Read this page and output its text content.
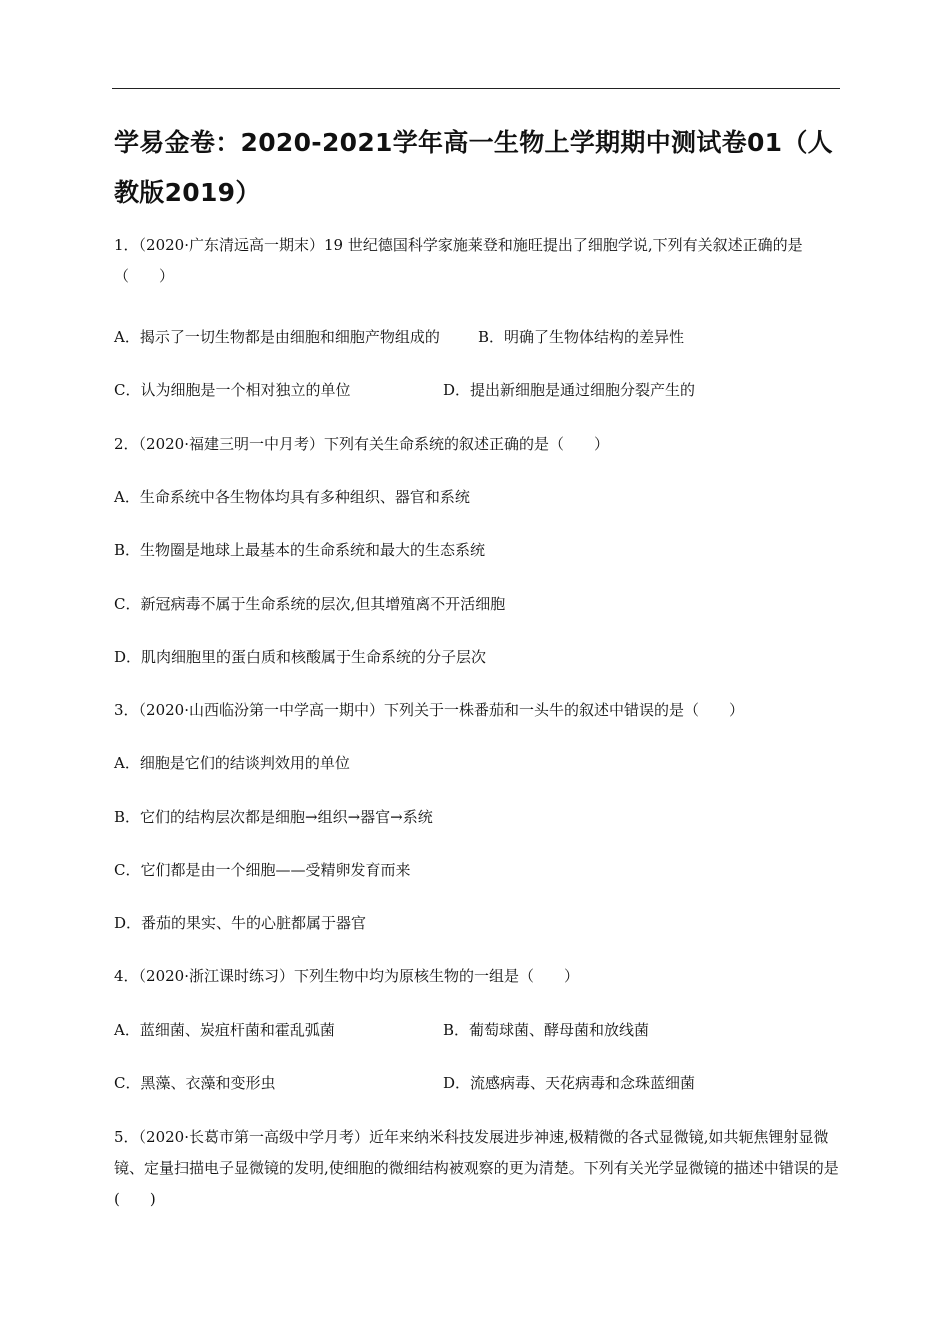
学易金卷：2020-2021学年高一生物上学期期中测试卷01（人教版2019）
1．（2020·广东清远高一期末）19 世纪德国科学家施莱登和施旺提出了细胞学说,下列有关叙述正确的是（　　）
A．揭示了一切生物都是由细胞和细胞产物组成的	B．明确了生物体结构的差异性
C．认为细胞是一个相对独立的单位	D．提出新细胞是通过细胞分裂产生的
2．（2020·福建三明一中月考）下列有关生命系统的叙述正确的是（　　）
A．生命系统中各生物体均具有多种组织、器官和系统
B．生物圈是地球上最基本的生命系统和最大的生态系统
C．新冠病毒不属于生命系统的层次,但其增殖离不开活细胞
D．肌肉细胞里的蛋白质和核酸属于生命系统的分子层次
3．（2020·山西临汾第一中学高一期中）下列关于一株番茄和一头牛的叙述中错误的是（　　）
A．细胞是它们的结谈判效用的单位
B．它们的结构层次都是细胞→组织→器官→系统
C．它们都是由一个细胞——受精卵发育而来
D．番茄的果实、牛的心脏都属于器官
4．（2020·浙江课时练习）下列生物中均为原核生物的一组是（　　）
A．蓝细菌、炭疽杆菌和霍乱弧菌	B．葡萄球菌、酵母菌和放线菌
C．黑藻、衣藻和变形虫	D．流感病毒、天花病毒和念珠蓝细菌
5．（2020·长葛市第一高级中学月考）近年来纳米科技发展进步神速,极精微的各式显微镜,如共轭焦锂射显微镜、定量扫描电子显微镜的发明,使细胞的微细结构被观察的更为清楚。下列有关光学显微镜的描述中错误的是(　　)
